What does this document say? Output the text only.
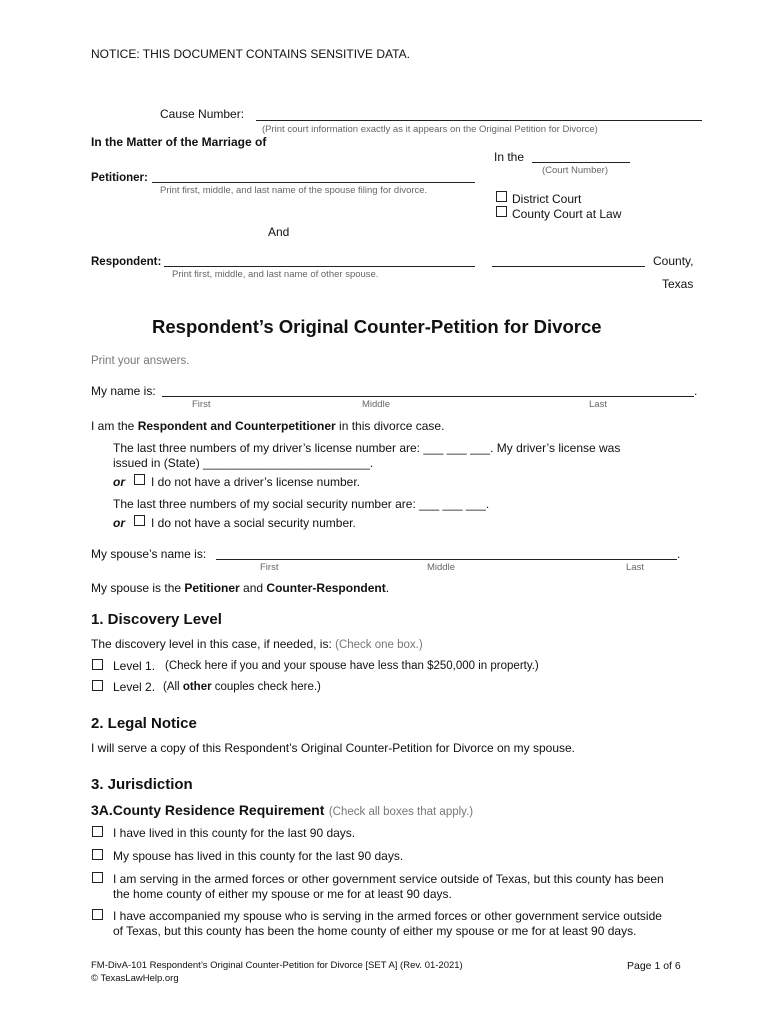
NOTICE: THIS DOCUMENT CONTAINS SENSITIVE DATA.
Cause Number:
(Print court information exactly as it appears on the Original Petition for Divorce)
In the Matter of the Marriage of
In the
(Court Number)
Petitioner:
Print first, middle, and last name of the spouse filing for divorce.
District Court
County Court at Law
And
Respondent:
Print first, middle, and last name of other spouse.
County,
Texas
Respondent’s Original Counter-Petition for Divorce
Print your answers.
My name is:	.
First	Middle	Last
I am the Respondent and Counterpetitioner in this divorce case.
The last three numbers of my driver’s license number are: ___ ___ ___. My driver’s license was
issued in (State) _________________________.
or I do not have a driver’s license number.
The last three numbers of my social security number are: ___ ___ ___.
or I do not have a social security number.
My spouse’s name is:	.
First	Middle	Last
My spouse is the Petitioner and Counter-Respondent.
1. Discovery Level
The discovery level in this case, if needed, is: (Check one box.)
Level 1. (Check here if you and your spouse have less than $250,000 in property.)
Level 2. (All other couples check here.)
2. Legal Notice
I will serve a copy of this Respondent’s Original Counter-Petition for Divorce on my spouse.
3. Jurisdiction
3A.County Residence Requirement (Check all boxes that apply.)
I have lived in this county for the last 90 days.
My spouse has lived in this county for the last 90 days.
I am serving in the armed forces or other government service outside of Texas, but this county has been
the home county of either my spouse or me for at least 90 days.
I have accompanied my spouse who is serving in the armed forces or other government service outside
of Texas, but this county has been the home county of either my spouse or me for at least 90 days.
FM-DivA-101 Respondent’s Original Counter-Petition for Divorce [SET A] (Rev. 01-2021)
© TexasLawHelp.org
Page 1 of 6
